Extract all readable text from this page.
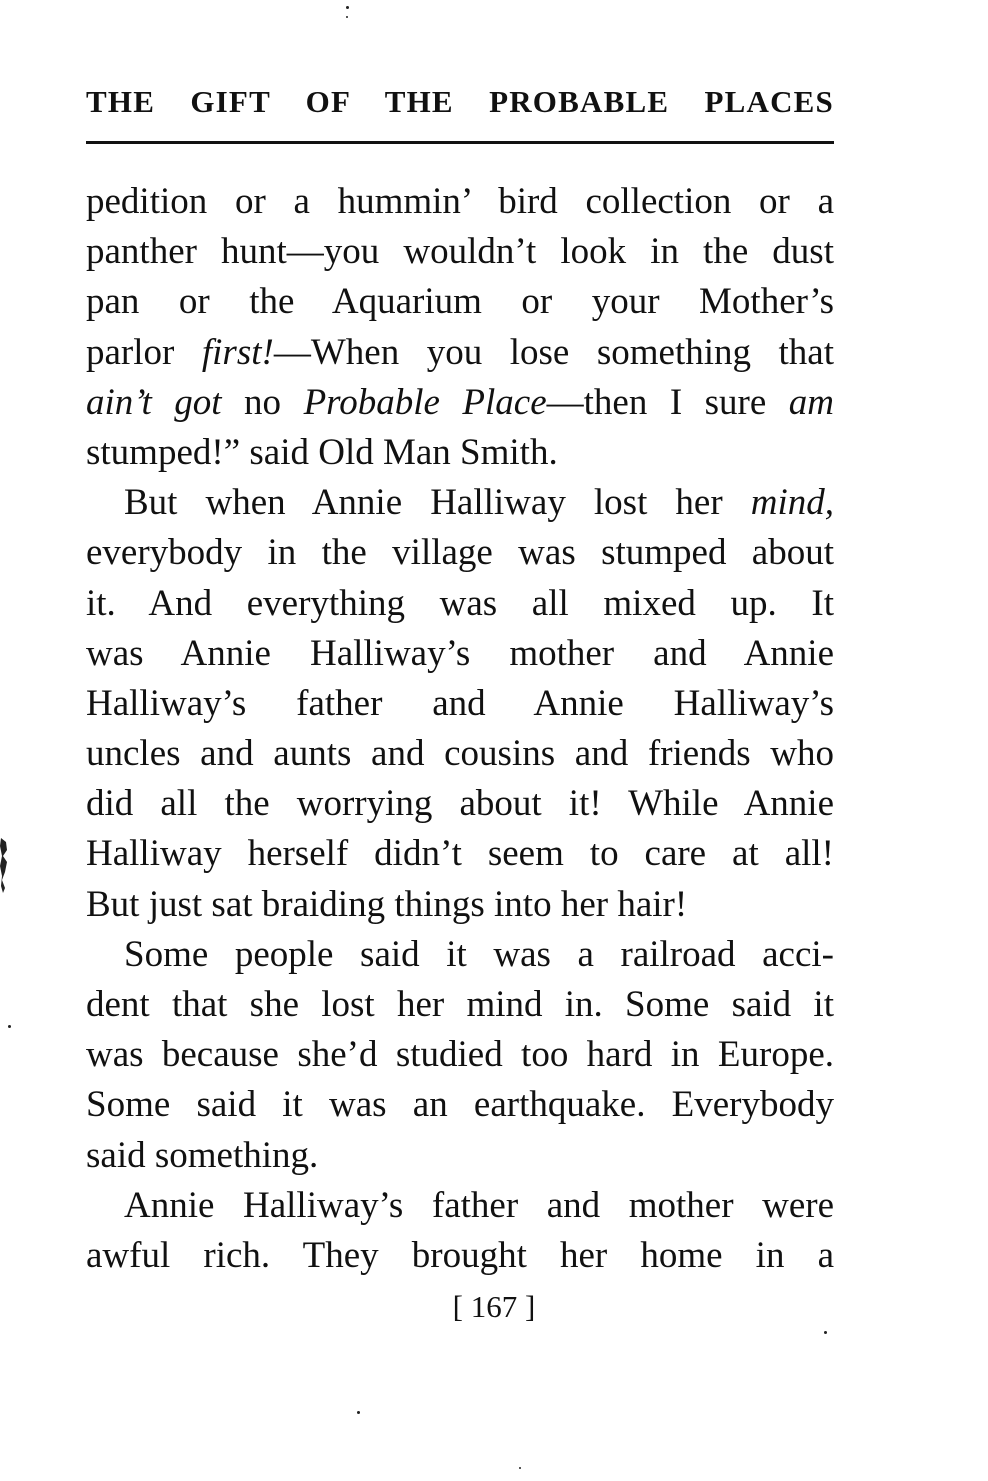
THE GIFT OF THE PROBABLE PLACES
pedition or a hummin’ bird collection or a
panther hunt—you wouldn’t look in the dust
pan or the Aquarium or your Mother’s
parlor first!—When you lose something that
ain’t got no Probable Place—then I sure am
stumped!” said Old Man Smith.
But when Annie Halliway lost her mind,
everybody in the village was stumped about
it. And everything was all mixed up. It
was Annie Halliway’s mother and Annie
Halliway’s father and Annie Halliway’s
uncles and aunts and cousins and friends who
did all the worrying about it! While Annie
Halliway herself didn’t seem to care at all!
But just sat braiding things into her hair!
Some people said it was a railroad acci-
dent that she lost her mind in. Some said it
was because she’d studied too hard in Europe.
Some said it was an earthquake. Everybody
said something.
Annie Halliway’s father and mother were
awful rich. They brought her home in a
[ 167 ]
